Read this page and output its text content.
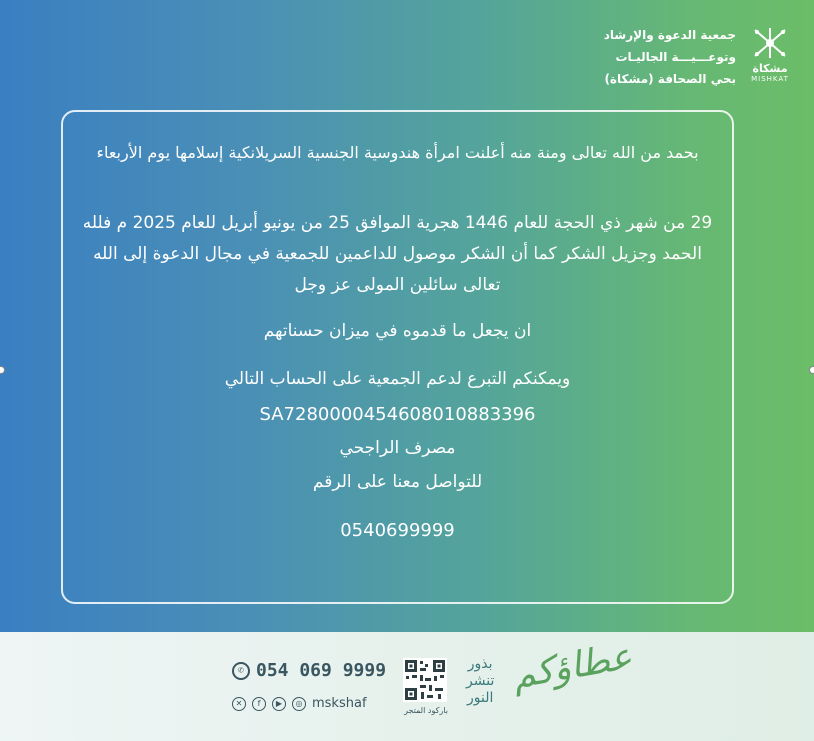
جمعية الدعوة والإرشاد
وتوعـــيـــة الجاليـات
بحي الصحافة (مشكاة)
مشكاة
MISHKAT
بحمد من الله تعالى ومنة منه أعلنت امرأة هندوسية الجنسية السريلانكية إسلامها يوم الأربعاء
29 من شهر ذي الحجة للعام 1446 هجرية الموافق 25 من يونيو أبريل للعام 2025 م فلله الحمد وجزيل الشكر كما أن الشكر موصول للداعمين للجمعية في مجال الدعوة إلى الله تعالى سائلين المولى عز وجل
ان يجعل ما قدموه في ميزان حسناتهم
ويمكنكم التبرع لدعم الجمعية على الحساب التالي
SA7280000454608010883396
مصرف الراجحي
للتواصل معنا على الرقم
0540699999
✆ 054 069 9999
✕	f	▶	◎ mskshaf	باركود المتجر
بذور
تنشر
النور
عطاؤكم
